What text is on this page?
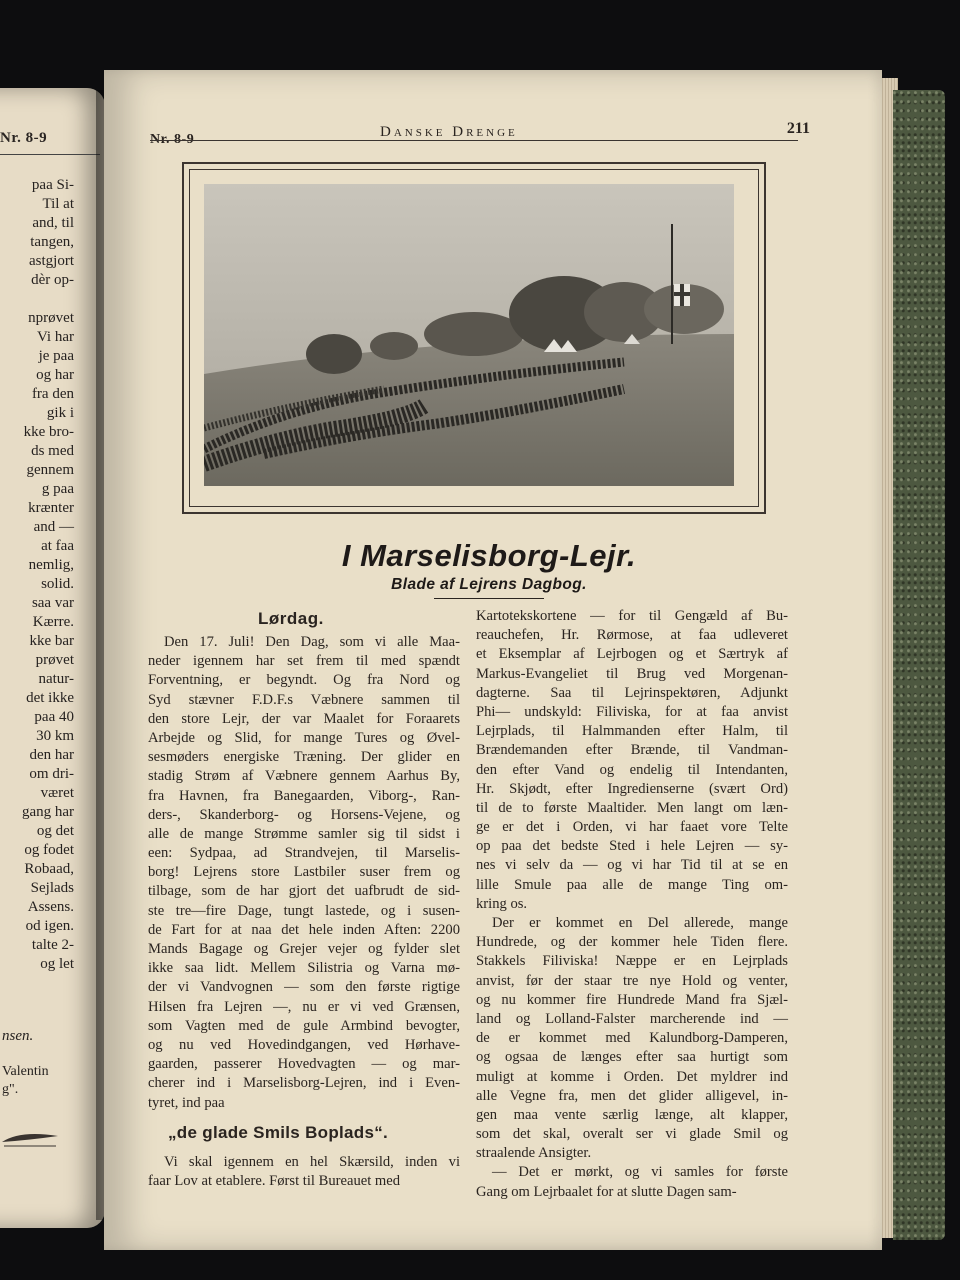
Nr. 8-9
paa Si-
Til at
and, til
tangen,
astgjort
dèr op-
nprøvet
Vi har
je paa
og har
fra den
gik i
kke bro-
ds med
gennem
g paa
krænter
and —
at faa
nemlig,
solid.
saa var
Kærre.
kke bar
prøvet
natur-
det ikke
paa 40
30 km
den har
om dri-
været
gang har
og det
og fodet
Robaad,
Sejlads
Assens.
od igen.
talte 2-
og let
nsen.
Valentin
g".
Nr. 8-9	Danske Drenge	211
I Marselisborg-Lejr.
Blade af Lejrens Dagbog.
Lørdag.
Den 17. Juli! Den Dag, som vi alle Maa-
neder igennem har set frem til med spændt
Forventning, er begyndt. Og fra Nord og
Syd stævner F.D.F.s Væbnere sammen til
den store Lejr, der var Maalet for Foraarets
Arbejde og Slid, for mange Tures og Øvel-
sesmøders energiske Træning. Der glider en
stadig Strøm af Væbnere gennem Aarhus By,
fra Havnen, fra Banegaarden, Viborg-, Ran-
ders-, Skanderborg- og Horsens-Vejene, og
alle de mange Strømme samler sig til sidst i
een: Sydpaa, ad Strandvejen, til Marselis-
borg! Lejrens store Lastbiler suser frem og
tilbage, som de har gjort det uafbrudt de sid-
ste tre—fire Dage, tungt lastede, og i susen-
de Fart for at naa det hele inden Aften: 2200
Mands Bagage og Grejer vejer og fylder slet
ikke saa lidt. Mellem Silistria og Varna mø-
der vi Vandvognen — som den første rigtige
Hilsen fra Lejren —, nu er vi ved Grænsen,
som Vagten med de gule Armbind bevogter,
og nu ved Hovedindgangen, ved Hørhave-
gaarden, passerer Hovedvagten — og mar-
cherer ind i Marselisborg-Lejren, ind i Even-
tyret, ind paa
„de glade Smils Boplads“.
Vi skal igennem en hel Skærsild, inden vi
faar Lov at etablere. Først til Bureauet med
Kartotekskortene — for til Gengæld af Bu-
reauchefen, Hr. Rørmose, at faa udleveret
et Eksemplar af Lejrbogen og et Særtryk af
Markus-Evangeliet til Brug ved Morgenan-
dagterne. Saa til Lejrinspektøren, Adjunkt
Phi— undskyld: Filiviska, for at faa anvist
Lejrplads, til Halmmanden efter Halm, til
Brændemanden efter Brænde, til Vandman-
den efter Vand og endelig til Intendanten,
Hr. Skjødt, efter Ingredienserne (svært Ord)
til de to første Maaltider. Men langt om læn-
ge er det i Orden, vi har faaet vore Telte
op paa det bedste Sted i hele Lejren — sy-
nes vi selv da — og vi har Tid til at se en
lille Smule paa alle de mange Ting om-
kring os.
Der er kommet en Del allerede, mange
Hundrede, og der kommer hele Tiden flere.
Stakkels Filiviska! Næppe er en Lejrplads
anvist, før der staar tre nye Hold og venter,
og nu kommer fire Hundrede Mand fra Sjæl-
land og Lolland-Falster marcherende ind —
de er kommet med Kalundborg-Damperen,
og ogsaa de længes efter saa hurtigt som
muligt at komme i Orden. Det myldrer ind
alle Vegne fra, men det glider alligevel, in-
gen maa vente særlig længe, alt klapper,
som det skal, overalt ser vi glade Smil og
straalende Ansigter.
— Det er mørkt, og vi samles for første
Gang om Lejrbaalet for at slutte Dagen sam-
